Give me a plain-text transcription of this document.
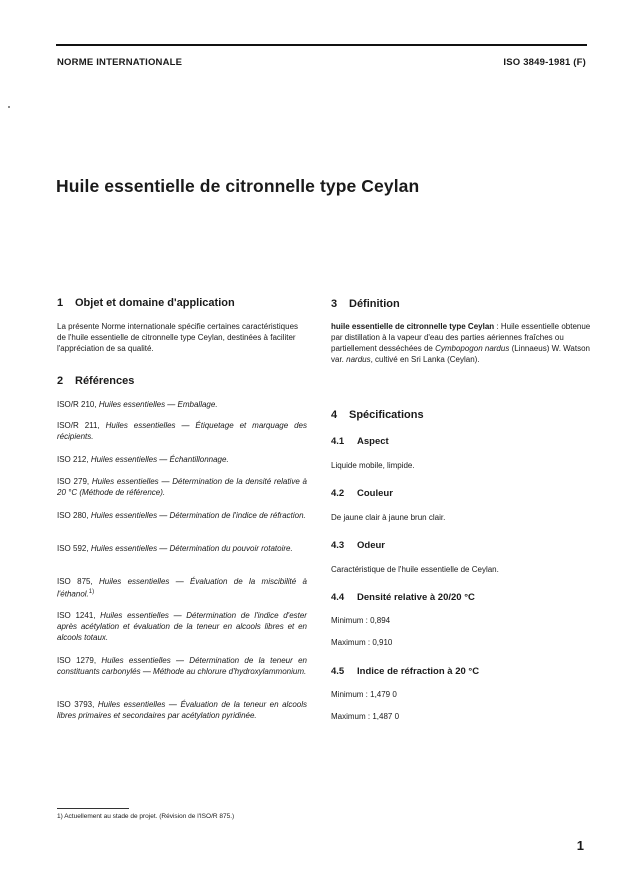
NORME INTERNATIONALE	ISO 3849-1981 (F)
Huile essentielle de citronnelle type Ceylan

1 Objet et domaine d'application

La présente Norme internationale spécifie certaines caractéristiques de l'huile essentielle de citronnelle type Ceylan, destinées à faciliter l'appréciation de sa qualité.

2 Références

ISO/R 210, Huiles essentielles — Emballage.

ISO/R 211, Huiles essentielles — Étiquetage et marquage des récipients.

ISO 212, Huiles essentielles — Échantillonnage.

ISO 279, Huiles essentielles — Détermination de la densité relative à 20 °C (Méthode de référence).

ISO 280, Huiles essentielles — Détermination de l'indice de réfraction.

ISO 592, Huiles essentielles — Détermination du pouvoir rotatoire.

ISO 875, Huiles essentielles — Évaluation de la miscibilité à l'éthanol.$^{1)}$

ISO 1241, Huiles essentielles — Détermination de l'indice d'ester après acétylation et évaluation de la teneur en alcools libres et en alcools totaux.

ISO 1279, Huiles essentielles — Détermination de la teneur en constituants carbonylés — Méthode au chlorure d'hydroxylammonium.

ISO 3793, Huiles essentielles — Évaluation de la teneur en alcools libres primaires et secondaires par acétylation pyridinée.

3 Définition

huile essentielle de citronnelle type Ceylan : Huile essentielle obtenue par distillation à la vapeur d'eau des parties aériennes fraîches ou partiellement desséchées de Cymbopogon nardus (Linnaeus) W. Watson var. nardus, cultivé en Sri Lanka (Ceylan).

4 Spécifications

4.1 Aspect

Liquide mobile, limpide.

4.2 Couleur

De jaune clair à jaune brun clair.

4.3 Odeur

Caractéristique de l'huile essentielle de Ceylan.

4.4 Densité relative à 20/20 °C

Minimum : 0,894

Maximum : 0,910

4.5 Indice de réfraction à 20 °C

Minimum : 1,479 0

Maximum : 1,487 0

1) Actuellement au stade de projet. (Révision de l'ISO/R 875.)
1
